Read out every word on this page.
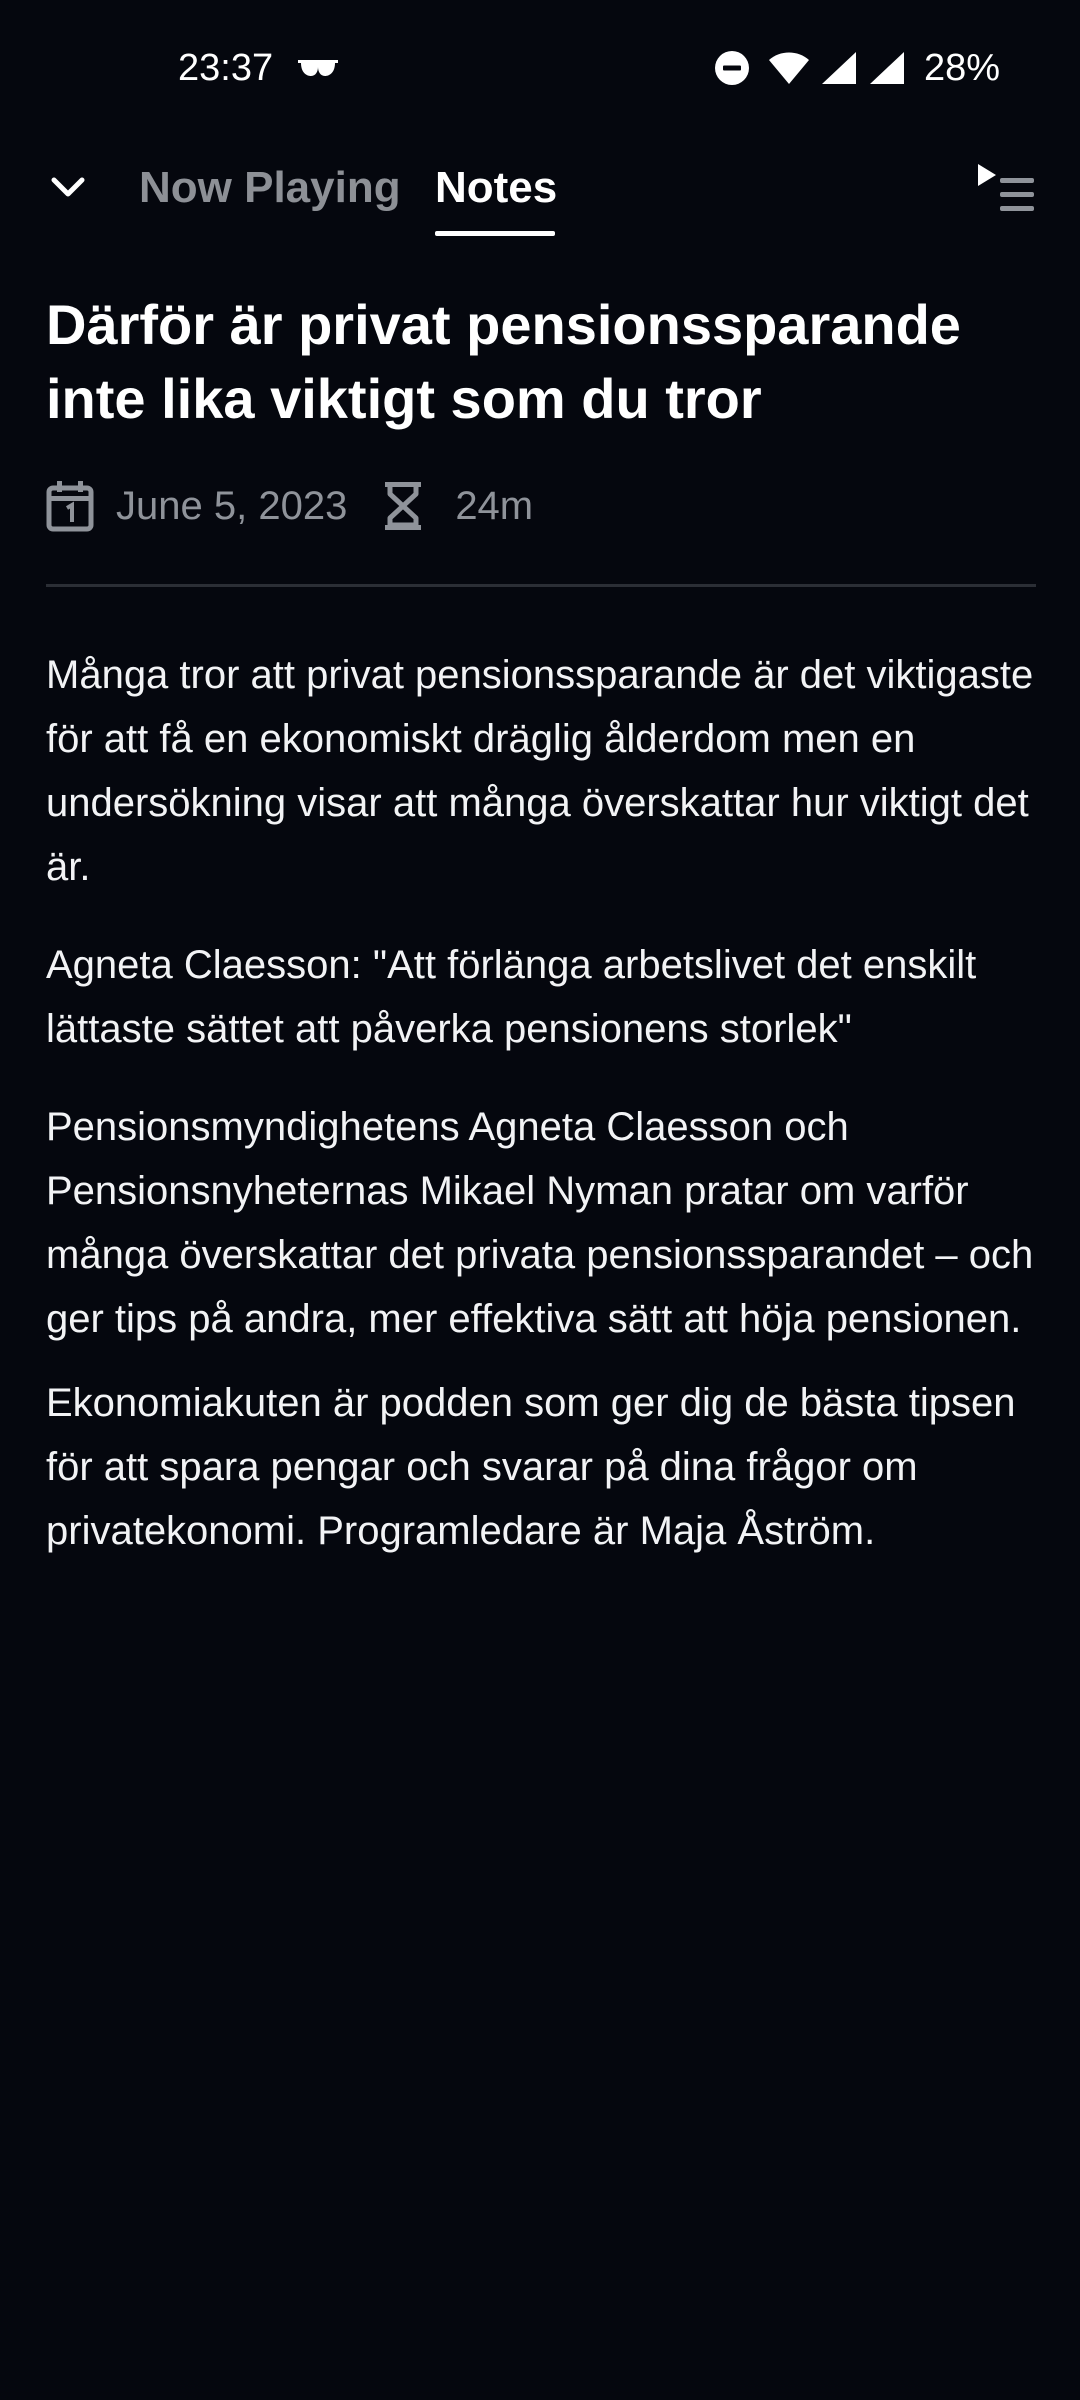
23:37	28%
Now Playing Notes
Därför är privat pensionssparande inte lika viktigt som du tror
June 5, 2023	24m

Många tror att privat pensionssparande är det viktigaste för att få en ekonomiskt dräglig ålderdom men en undersökning visar att många överskattar hur viktigt det är.

Agneta Claesson: "Att förlänga arbetslivet det enskilt lättaste sättet att påverka pensionens storlek"

Pensionsmyndighetens Agneta Claesson och Pensionsnyheternas Mikael Nyman pratar om varför många överskattar det privata pensionssparandet – och ger tips på andra, mer effektiva sätt att höja pensionen.

Ekonomiakuten är podden som ger dig de bästa tipsen för att spara pengar och svarar på dina frågor om privatekonomi. Programledare är Maja Åström.
